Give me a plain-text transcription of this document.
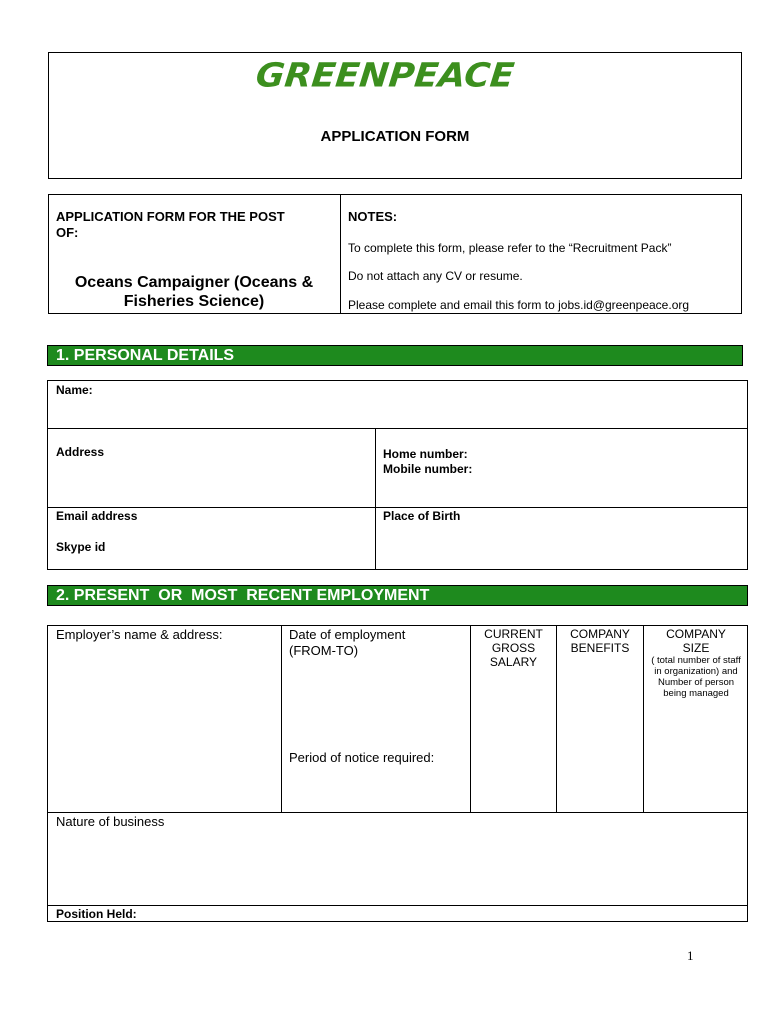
GREENPEACE
APPLICATION FORM
APPLICATION FORM FOR THE POST OF:
Oceans Campaigner (Oceans & Fisheries Science)
NOTES:
To complete this form, please refer to the “Recruitment Pack”
Do not attach any CV or resume.
Please complete and email this form to jobs.id@greenpeace.org
1. PERSONAL DETAILS
Name:
Address	Home number:
Mobile number:
Email address
Skype id
Place of Birth
2. PRESENT  OR  MOST  RECENT EMPLOYMENT
Employer’s name & address:	Date of employment (FROM-TO)
Period of notice required:
CURRENT GROSS SALARY
COMPANY BENEFITS
COMPANY SIZE
( total number of staff in organization) and Number of person being managed
Nature of business
Position Held:
1
